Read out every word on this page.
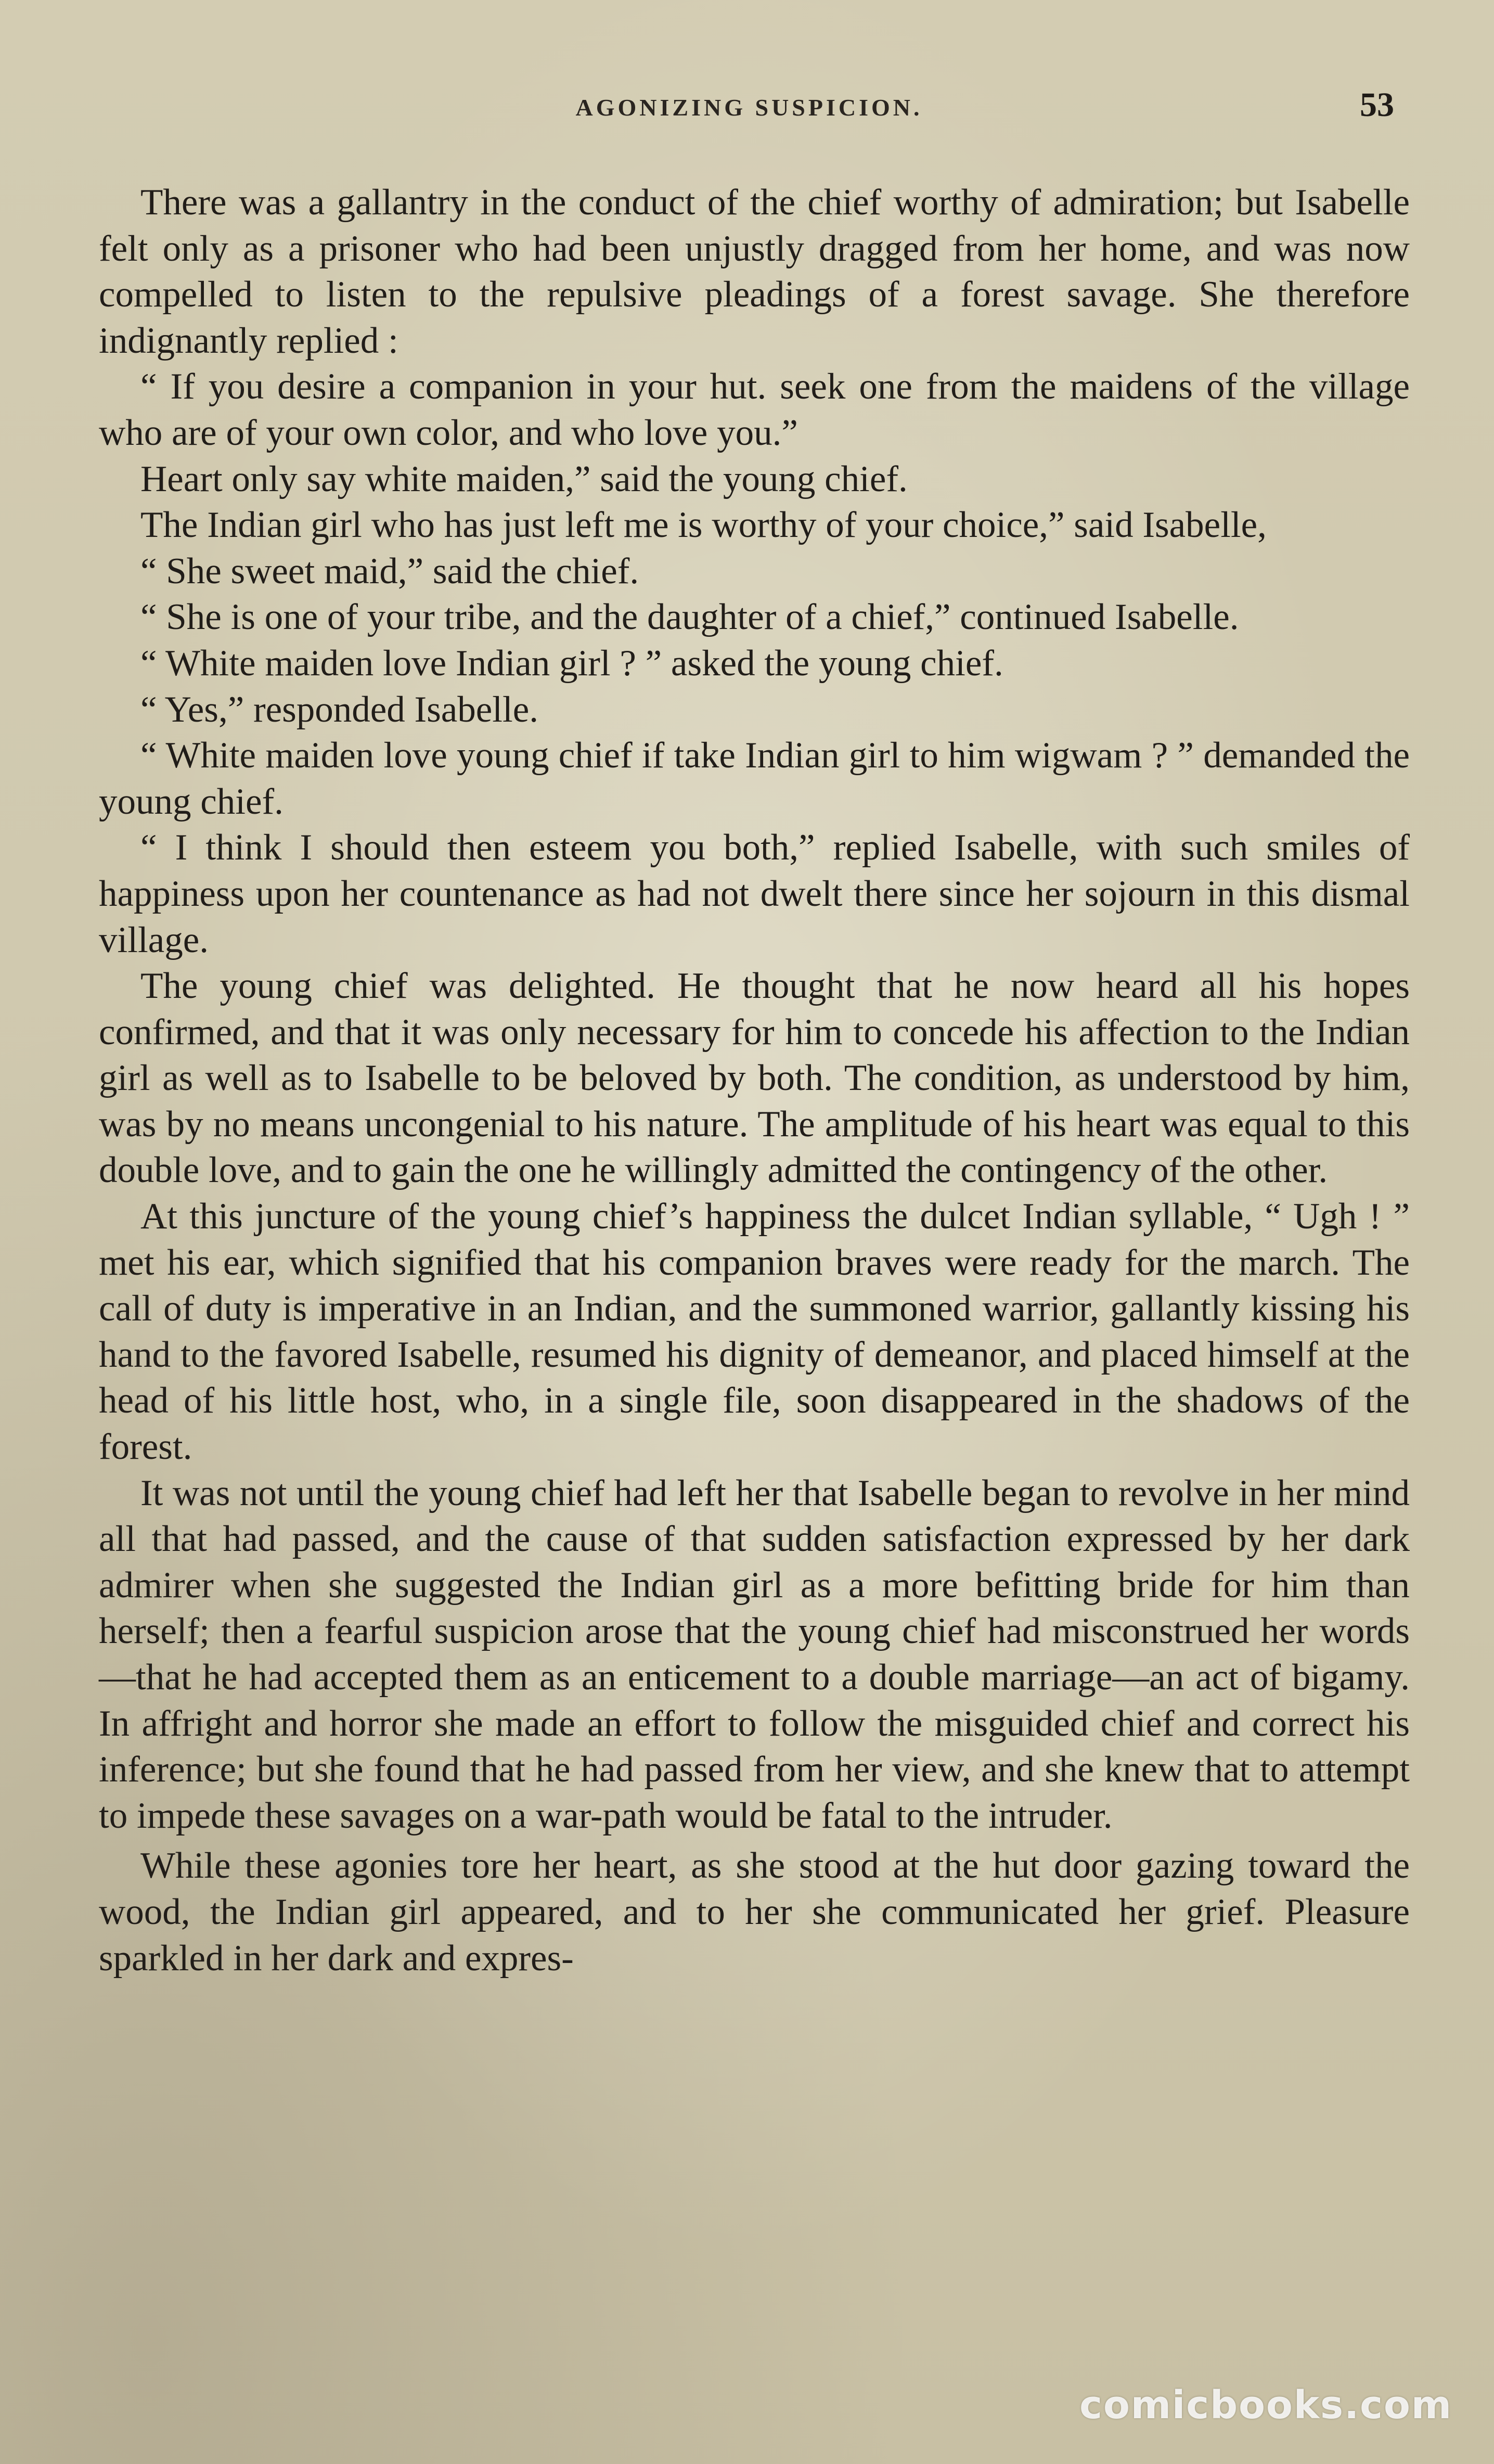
AGONIZING SUSPICION.	53

There was a gallantry in the conduct of the chief worthy of admiration; but Isabelle felt only as a prisoner who had been unjustly dragged from her home, and was now compelled to listen to the repulsive pleadings of a forest savage. She therefore indignantly replied :

“ If you desire a companion in your hut. seek one from the maidens of the village who are of your own color, and who love you.”

Heart only say white maiden,” said the young chief.

The Indian girl who has just left me is worthy of your choice,” said Isabelle,

“ She sweet maid,” said the chief.

“ She is one of your tribe, and the daughter of a chief,” continued Isabelle.

“ White maiden love Indian girl ? ” asked the young chief.

“ Yes,” responded Isabelle.

“ White maiden love young chief if take Indian girl to him wigwam ? ” demanded the young chief.

“ I think I should then esteem you both,” replied Isabelle, with such smiles of happiness upon her countenance as had not dwelt there since her sojourn in this dismal village.

The young chief was delighted. He thought that he now heard all his hopes confirmed, and that it was only necessary for him to concede his affection to the Indian girl as well as to Isabelle to be beloved by both. The condition, as understood by him, was by no means uncongenial to his nature. The amplitude of his heart was equal to this double love, and to gain the one he willingly admitted the contingency of the other.

At this juncture of the young chief’s happiness the dulcet Indian syllable, “ Ugh ! ” met his ear, which signified that his companion braves were ready for the march. The call of duty is imperative in an Indian, and the summoned warrior, gallantly kissing his hand to the favored Isabelle, resumed his dignity of demeanor, and placed himself at the head of his little host, who, in a single file, soon disappeared in the shadows of the forest.

It was not until the young chief had left her that Isabelle began to revolve in her mind all that had passed, and the cause of that sudden satisfaction expressed by her dark admirer when she suggested the Indian girl as a more befitting bride for him than herself; then a fearful suspicion arose that the young chief had misconstrued her words—that he had accepted them as an enticement to a double marriage—an act of bigamy. In affright and horror she made an effort to follow the misguided chief and correct his inference; but she found that he had passed from her view, and she knew that to attempt to impede these savages on a war-path would be fatal to the intruder.

While these agonies tore her heart, as she stood at the hut door gazing toward the wood, the Indian girl appeared, and to her she communicated her grief. Pleasure sparkled in her dark and expres-

comicbooks.com
